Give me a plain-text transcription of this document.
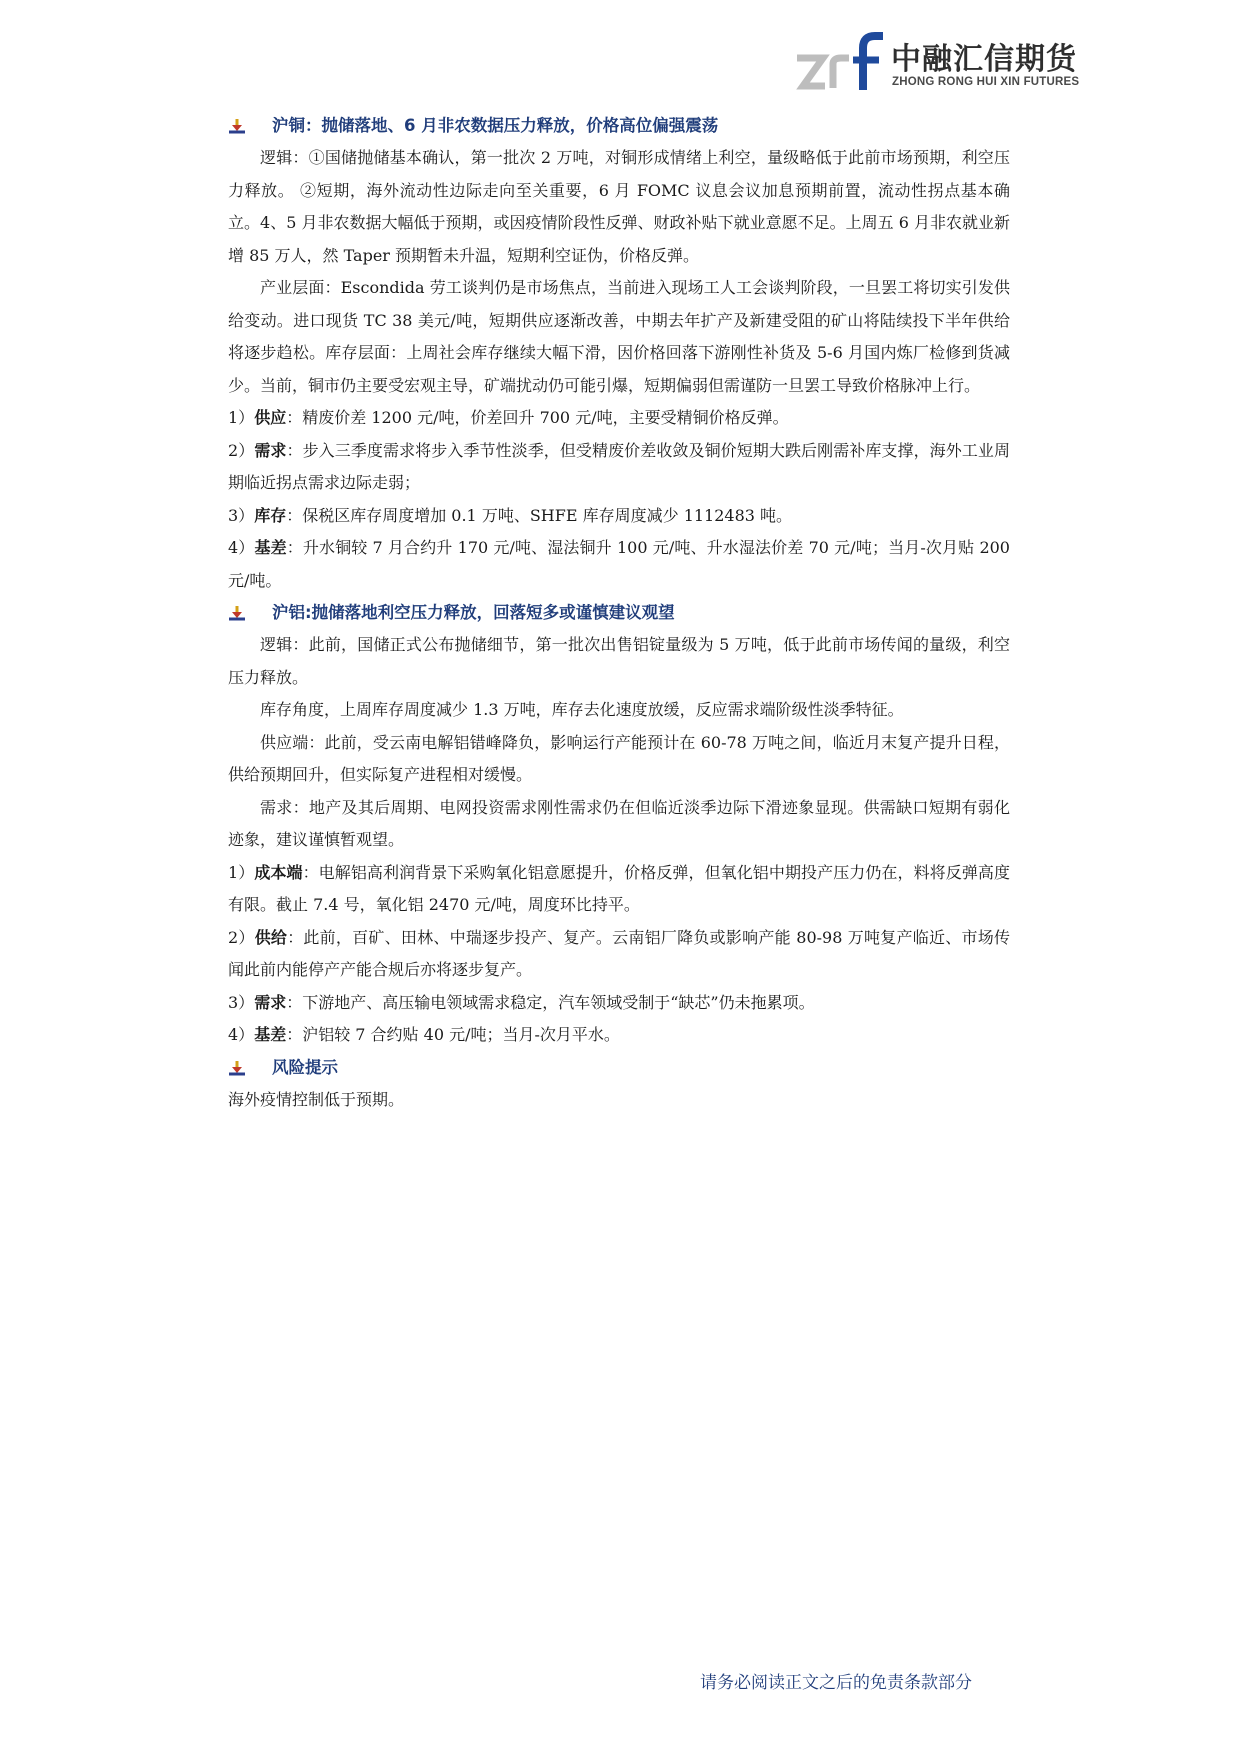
中融汇信期货
ZHONG RONG HUI XIN FUTURES
沪铜：抛储落地、6 月非农数据压力释放，价格高位偏强震荡

逻辑：①国储抛储基本确认，第一批次 2 万吨，对铜形成情绪上利空，量级略低于此前市场预期，利空压力释放。 ②短期，海外流动性边际走向至关重要，6 月 FOMC 议息会议加息预期前置，流动性拐点基本确立。4、5 月非农数据大幅低于预期，或因疫情阶段性反弹、财政补贴下就业意愿不足。上周五 6 月非农就业新增 85 万人，然 Taper 预期暂未升温，短期利空证伪，价格反弹。

产业层面：Escondida 劳工谈判仍是市场焦点，当前进入现场工人工会谈判阶段，一旦罢工将切实引发供给变动。进口现货 TC 38 美元/吨，短期供应逐渐改善，中期去年扩产及新建受阻的矿山将陆续投下半年供给将逐步趋松。库存层面：上周社会库存继续大幅下滑，因价格回落下游刚性补货及 5-6 月国内炼厂检修到货减少。当前，铜市仍主要受宏观主导，矿端扰动仍可能引爆，短期偏弱但需谨防一旦罢工导致价格脉冲上行。

1）供应：精废价差 1200 元/吨，价差回升 700 元/吨，主要受精铜价格反弹。

2）需求：步入三季度需求将步入季节性淡季，但受精废价差收敛及铜价短期大跌后刚需补库支撑，海外工业周期临近拐点需求边际走弱；

3）库存：保税区库存周度增加 0.1 万吨、SHFE 库存周度减少 1112483 吨。

4）基差：升水铜较 7 月合约升 170 元/吨、湿法铜升 100 元/吨、升水湿法价差 70 元/吨；当月-次月贴 200 元/吨。

沪铝:抛储落地利空压力释放，回落短多或谨慎建议观望

逻辑：此前，国储正式公布抛储细节，第一批次出售铝锭量级为 5 万吨，低于此前市场传闻的量级，利空压力释放。

库存角度，上周库存周度减少 1.3 万吨，库存去化速度放缓，反应需求端阶级性淡季特征。

供应端：此前，受云南电解铝错峰降负，影响运行产能预计在 60-78 万吨之间，临近月末复产提升日程，供给预期回升，但实际复产进程相对缓慢。

需求：地产及其后周期、电网投资需求刚性需求仍在但临近淡季边际下滑迹象显现。供需缺口短期有弱化迹象，建议谨慎暂观望。

1）成本端：电解铝高利润背景下采购氧化铝意愿提升，价格反弹，但氧化铝中期投产压力仍在，料将反弹高度有限。截止 7.4 号，氧化铝 2470 元/吨，周度环比持平。

2）供给：此前，百矿、田林、中瑞逐步投产、复产。云南铝厂降负或影响产能 80-98 万吨复产临近、市场传闻此前内能停产产能合规后亦将逐步复产。

3）需求：下游地产、高压输电领域需求稳定，汽车领域受制于“缺芯”仍未拖累项。

4）基差：沪铝较 7 合约贴 40 元/吨；当月-次月平水。

风险提示

海外疫情控制低于预期。

请务必阅读正文之后的免责条款部分
